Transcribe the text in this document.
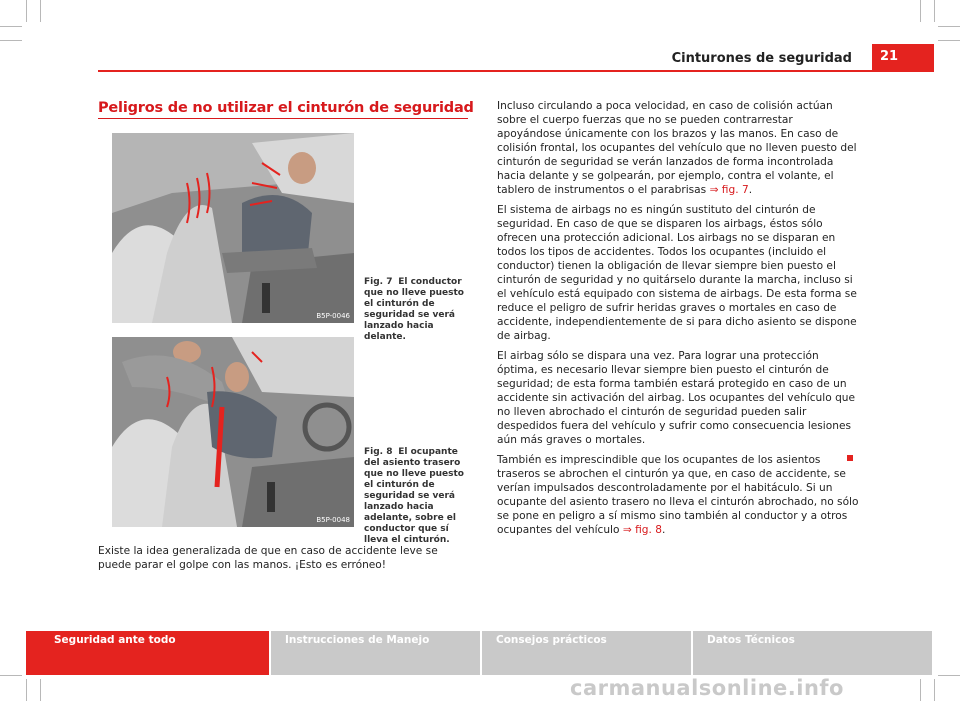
Cinturones de seguridad	21
Peligros de no utilizar el cinturón de seguridad
B5P-0046
Fig. 7 El conductor que no lleve puesto el cinturón de seguridad se verá lanzado hacia delante.
B5P-0048
Fig. 8 El ocupante del asiento trasero que no lleve puesto el cinturón de seguridad se verá lanzado hacia adelante, sobre el conductor que sí lleva el cinturón.
Existe la idea generalizada de que en caso de accidente leve se puede parar el golpe con las manos. ¡Esto es erróneo!

Incluso circulando a poca velocidad, en caso de colisión actúan sobre el cuerpo fuerzas que no se pueden contrarrestar apoyándose únicamente con los brazos y las manos. En caso de colisión frontal, los ocupantes del vehículo que no lleven puesto del cinturón de seguridad se verán lanzados de forma incontrolada hacia delante y se golpearán, por ejemplo, contra el volante, el tablero de instrumentos o el parabrisas ⇒ fig. 7.

El sistema de airbags no es ningún sustituto del cinturón de seguridad. En caso de que se disparen los airbags, éstos sólo ofrecen una protección adicional. Los airbags no se disparan en todos los tipos de accidentes. Todos los ocupantes (incluido el conductor) tienen la obligación de llevar siempre bien puesto el cinturón de seguridad y no quitárselo durante la marcha, incluso si el vehículo está equipado con sistema de airbags. De esta forma se reduce el peligro de sufrir heridas graves o mortales en caso de accidente, independientemente de si para dicho asiento se dispone de airbag.

El airbag sólo se dispara una vez. Para lograr una protección óptima, es necesario llevar siempre bien puesto el cinturón de seguridad; de esta forma también estará protegido en caso de un accidente sin activación del airbag. Los ocupantes del vehículo que no lleven abrochado el cinturón de seguridad pueden salir despedidos fuera del vehículo y sufrir como consecuencia lesiones aún más graves o mortales.

También es imprescindible que los ocupantes de los asientos traseros se abrochen el cinturón ya que, en caso de accidente, se verían impulsados descontroladamente por el habitáculo. Si un ocupante del asiento trasero no lleva el cinturón abrochado, no sólo se pone en peligro a sí mismo sino también al conductor y a otros ocupantes del vehículo ⇒ fig. 8.

Seguridad ante todo	Instrucciones de Manejo	Consejos prácticos	Datos Técnicos
carmanualsonline.info
